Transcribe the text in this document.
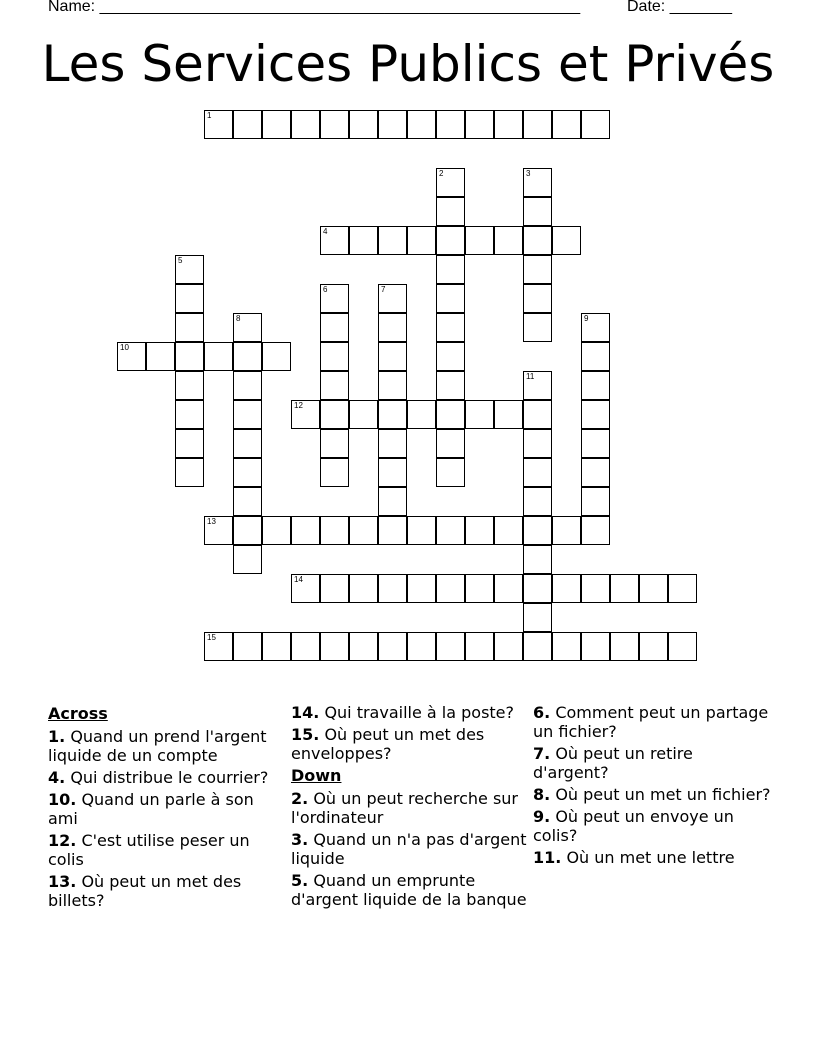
Name: ______________________________________________________	Date: _______
Les Services Publics et Privés
1
2	3
4
5
6	7
8	9
10
11
12
13
14
15
Across
1. Quand un prend l'argent liquide de un compte
4. Qui distribue le courrier?
10. Quand un parle à son ami
12. C'est utilise peser un colis
13. Où peut un met des billets?
14. Qui travaille à la poste?
15. Où peut un met des enveloppes?
Down
2. Où un peut recherche sur l'ordinateur
3. Quand un n'a pas d'argent liquide
5. Quand un emprunte d'argent liquide de la banque
6. Comment peut un partage un fichier?
7. Où peut un retire d'argent?
8. Où peut un met un fichier?
9. Où peut un envoye un colis?
11. Où un met une lettre
